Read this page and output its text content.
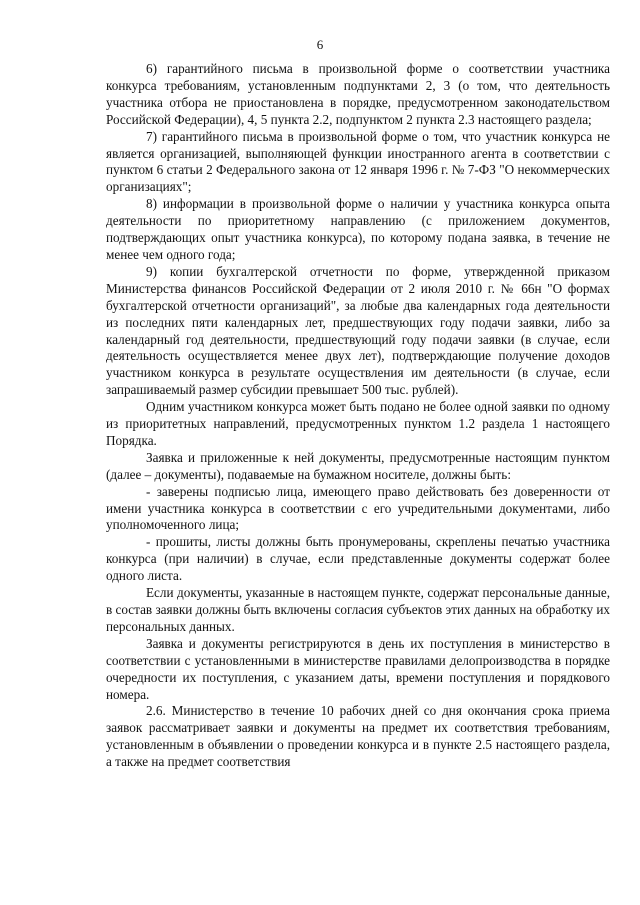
6

6) гарантийного письма в произвольной форме о соответствии участника конкурса требованиям, установленным подпунктами 2, 3 (о том, что деятельность участника отбора не приостановлена в порядке, предусмотренном законодательством Российской Федерации), 4, 5 пункта 2.2, подпунктом 2 пункта 2.3 настоящего раздела;

7) гарантийного письма в произвольной форме о том, что участник конкурса не является организацией, выполняющей функции иностранного агента в соответствии с пунктом 6 статьи 2 Федерального закона от 12 января 1996 г. № 7-ФЗ "О некоммерческих организациях";

8) информации в произвольной форме о наличии у участника конкурса опыта деятельности по приоритетному направлению (с приложением документов, подтверждающих опыт участника конкурса), по которому подана заявка, в течение не менее чем одного года;

9) копии бухгалтерской отчетности по форме, утвержденной приказом Министерства финансов Российской Федерации от 2 июля 2010 г. № 66н "О формах бухгалтерской отчетности организаций", за любые два календарных года деятельности из последних пяти календарных лет, предшествующих году подачи заявки, либо за календарный год деятельности, предшествующий году подачи заявки (в случае, если деятельность осуществляется менее двух лет), подтверждающие получение доходов участником конкурса в результате осуществления им деятельности (в случае, если запрашиваемый размер субсидии превышает 500 тыс. рублей).

Одним участником конкурса может быть подано не более одной заявки по одному из приоритетных направлений, предусмотренных пунктом 1.2 раздела 1 настоящего Порядка.

Заявка и приложенные к ней документы, предусмотренные настоящим пунктом (далее – документы), подаваемые на бумажном носителе, должны быть:

- заверены подписью лица, имеющего право действовать без доверенности от имени участника конкурса в соответствии с его учредительными документами, либо уполномоченного лица;

- прошиты, листы должны быть пронумерованы, скреплены печатью участника конкурса (при наличии) в случае, если представленные документы содержат более одного листа.

Если документы, указанные в настоящем пункте, содержат персональные данные, в состав заявки должны быть включены согласия субъектов этих данных на обработку их персональных данных.

Заявка и документы регистрируются в день их поступления в министерство в соответствии с установленными в министерстве правилами делопроизводства в порядке очередности их поступления, с указанием даты, времени поступления и порядкового номера.

2.6. Министерство в течение 10 рабочих дней со дня окончания срока приема заявок рассматривает заявки и документы на предмет их соответствия требованиям, установленным в объявлении о проведении конкурса и в пункте 2.5 настоящего раздела, а также на предмет соответствия
